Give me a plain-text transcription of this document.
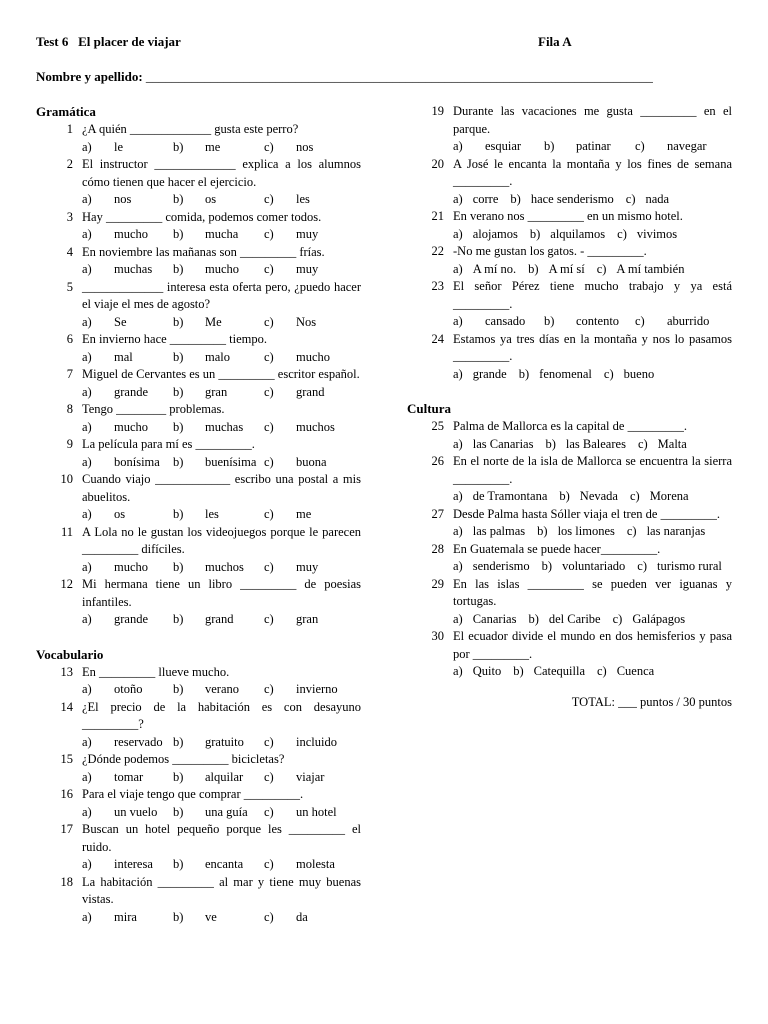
Test 6   El placer de viajar	Fila A
Nombre y apellido: ______________________________________________________________________________
Gramática
1 ¿A quién _____________ gusta este perro?
a) le	b) me	c) nos
2 El instructor _____________ explica a los alumnos cómo tienen que hacer el ejercicio.
a) nos	b) os	c) les
3 Hay _________ comida, podemos comer todos.
a) mucho	b) mucha	c) muy
4 En noviembre las mañanas son _________ frías.
a) muchas	b) mucho	c) muy
5 _____________ interesa esta oferta pero, ¿puedo hacer el viaje el mes de agosto?
a) Se	b) Me	c) Nos
6 En invierno hace _________ tiempo.
a) mal	b) malo	c) mucho
7 Miguel de Cervantes es un _________ escritor español.
a) grande	b) gran	c) grand
8 Tengo ________ problemas.
a) mucho	b) muchas	c) muchos
9 La película para mí es _________.
a) bonísima	b) buenísima c) buona
10 Cuando viajo ____________ escribo una postal a mis abuelitos.
a) os	b) les	c) me
11 A Lola no le gustan los videojuegos porque le parecen _________ difíciles.
a) mucho	b) muchos	c) muy
12 Mi hermana tiene un libro _________ de poesias infantiles.
a) grande	b) grand	c) gran
Vocabulario
13 En _________ llueve mucho.
a) otoño	b) verano	c) invierno
14 ¿El precio de la habitación es con desayuno _________?
a) reservado b) gratuito	c) incluido
15 ¿Dónde podemos _________ bicicletas?
a) tomar	b) alquilar	c) viajar
16 Para el viaje tengo que comprar _________.
a) un vuelo	b) una guía	c) un hotel
17 Buscan un hotel pequeño porque les _________ el ruido.
a) interesa	b) encanta	c) molesta
18 La habitación _________ al mar y tiene muy buenas vistas.
a) mira	b) ve	c) da
19 Durante las vacaciones me gusta _________ en el parque.
a) esquiar	b) patinar	c) navegar
20 A José le encanta la montaña y los fines de semana _________.
a) corre b) hace senderismo c) nada
21 En verano nos _________ en un mismo hotel.
a) alojamos b) alquilamos c) vivimos
22 -No me gustan los gatos. - _________.
a) A mí no. b) A mí sí c) A mí también
23 El señor Pérez tiene mucho trabajo y ya está _________.
a) cansado	b) contento	c) aburrido
24 Estamos ya tres días en la montaña y nos lo pasamos _________.
a) grande b) fenomenal c) bueno
Cultura
25 Palma de Mallorca es la capital de _________.
a) las Canarias b) las Baleares c) Malta
26 En el norte de la isla de Mallorca se encuentra la sierra _________.
a) de Tramontana b) Nevada c) Morena
27 Desde Palma hasta Sóller viaja el tren de _________.
a) las palmas b) los limones c) las naranjas
28 En Guatemala se puede hacer_________.
a) senderismo b) voluntariado c) turismo rural
29 En las islas _________ se pueden ver iguanas y tortugas.
a) Canarias b) del Caribe c) Galápagos
30 El ecuador divide el mundo en dos hemisferios y pasa por _________.
a) Quito b) Catequilla c) Cuenca
TOTAL: ___ puntos / 30 puntos
